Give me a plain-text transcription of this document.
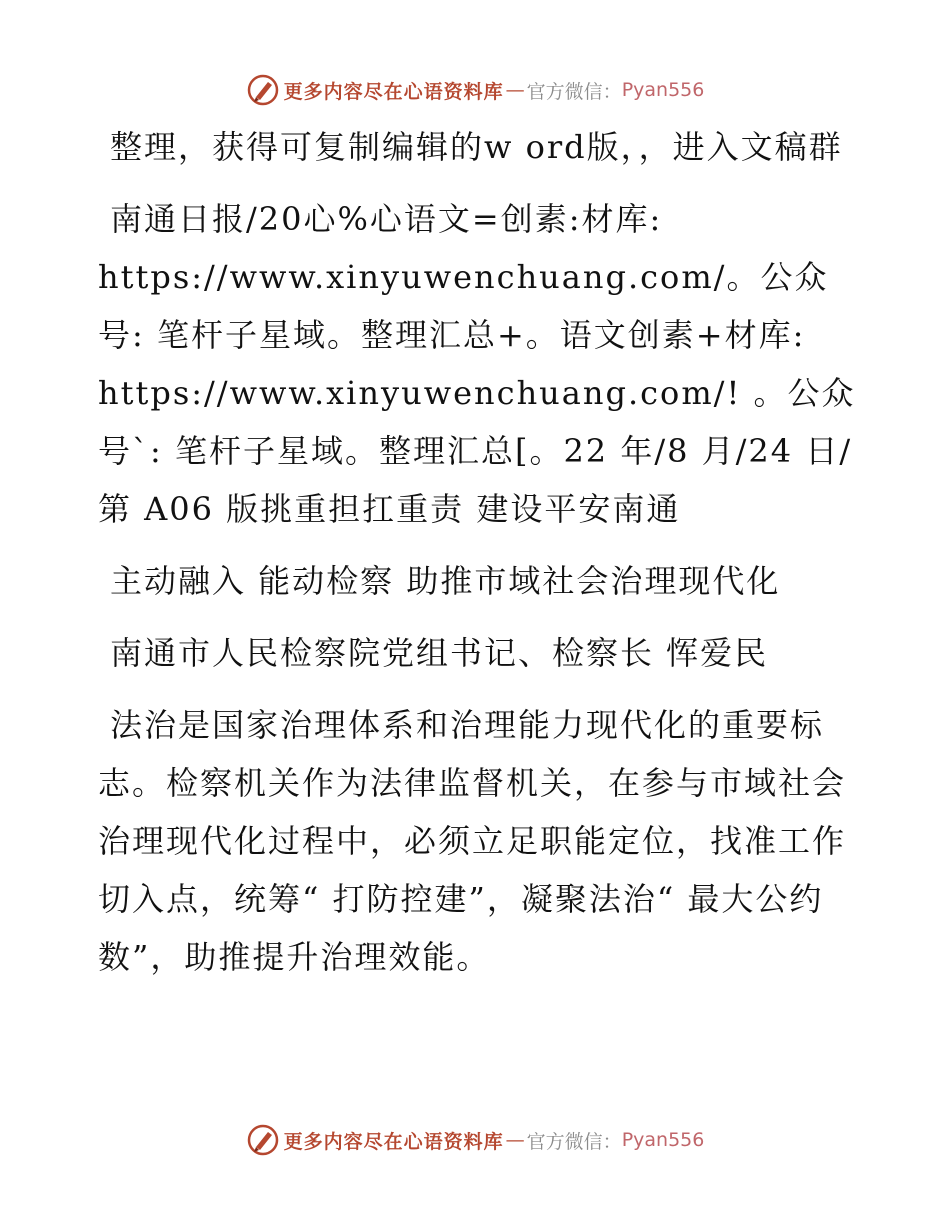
更多内容尽在心语资料库 — 官方微信： Pyan556

整理，获得可复制编辑的w ord版，，进入文稿群

南通日报/20心%心语文=创素:材库: https://www.xinyuwenchuang.com/。公众号: 笔杆子星域。整理汇总+。语文创素+材库: https://www.xinyuwenchuang.com/! 。公众号`: 笔杆子星域。整理汇总[。22 年/8 月/24 日/第 A06 版挑重担扛重责 建设平安南通

主动融入 能动检察 助推市域社会治理现代化

南通市人民检察院党组书记、检察长 恽爱民

法治是国家治理体系和治理能力现代化的重要标志。检察机关作为法律监督机关，在参与市域社会治理现代化过程中，必须立足职能定位，找准工作切入点，统筹“ 打防控建”，凝聚法治“ 最大公约数”，助推提升治理效能。

更多内容尽在心语资料库 — 官方微信： Pyan556
